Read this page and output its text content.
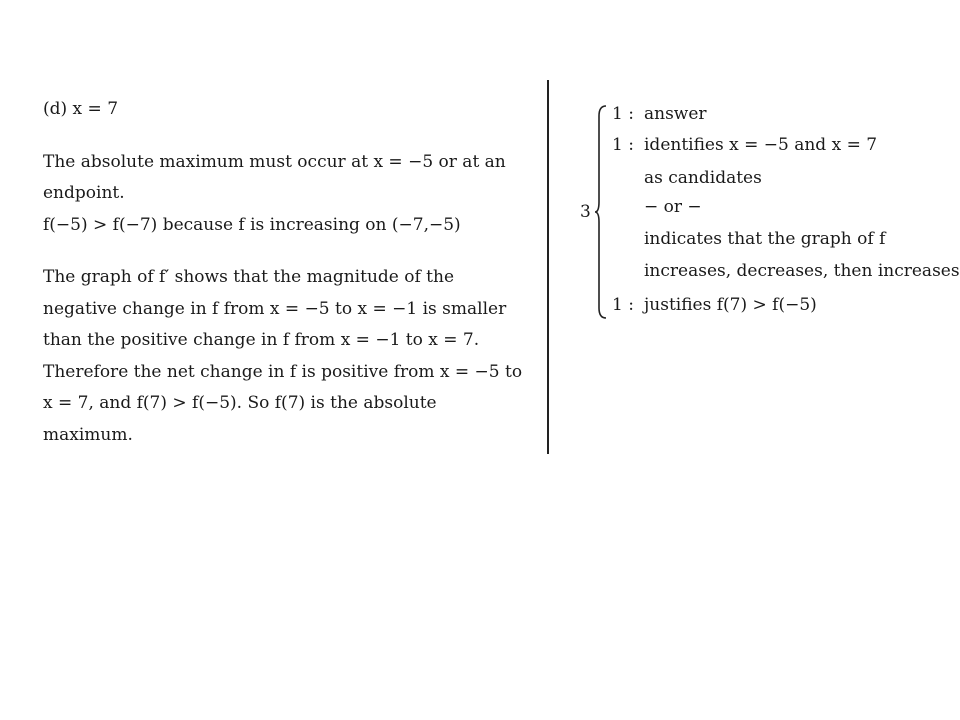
(d) x = 7
The absolute maximum must occur at x = −5 or at an
endpoint.
f(−5) > f(−7) because f is increasing on (−7,−5)
The graph of f′ shows that the magnitude of the
negative change in f from x = −5 to x = −1 is smaller
than the positive change in f from x = −1 to x = 7.
Therefore the net change in f is positive from x = −5 to
x = 7, and f(7) > f(−5). So f(7) is the absolute
maximum.
3
1 : answer
1 : identifies x = −5 and x = 7
as candidates
− or −
indicates that the graph of f
increases, decreases, then increases
1 : justifies f(7) > f(−5)
